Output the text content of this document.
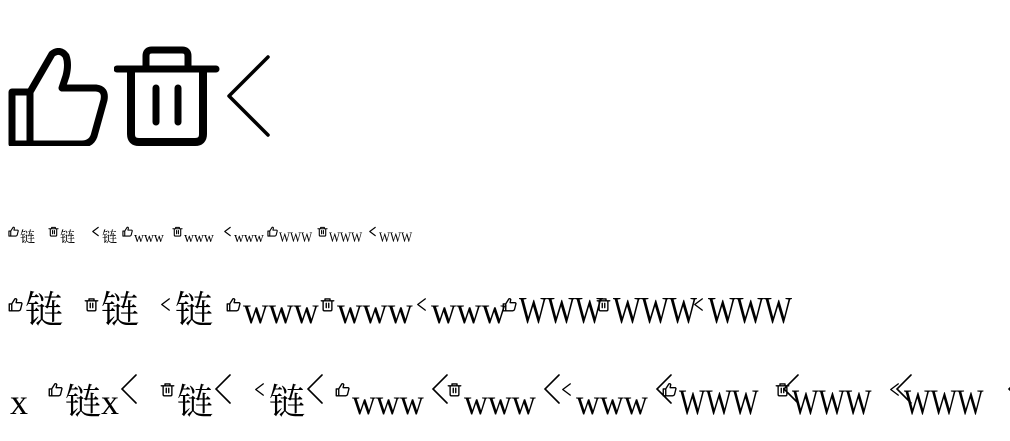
链 链 链 www www www WWW WWW WWW
链 链 链 www www www WWW WWW WWW
x 链x 链 链 www www www WWW WWW WWW
